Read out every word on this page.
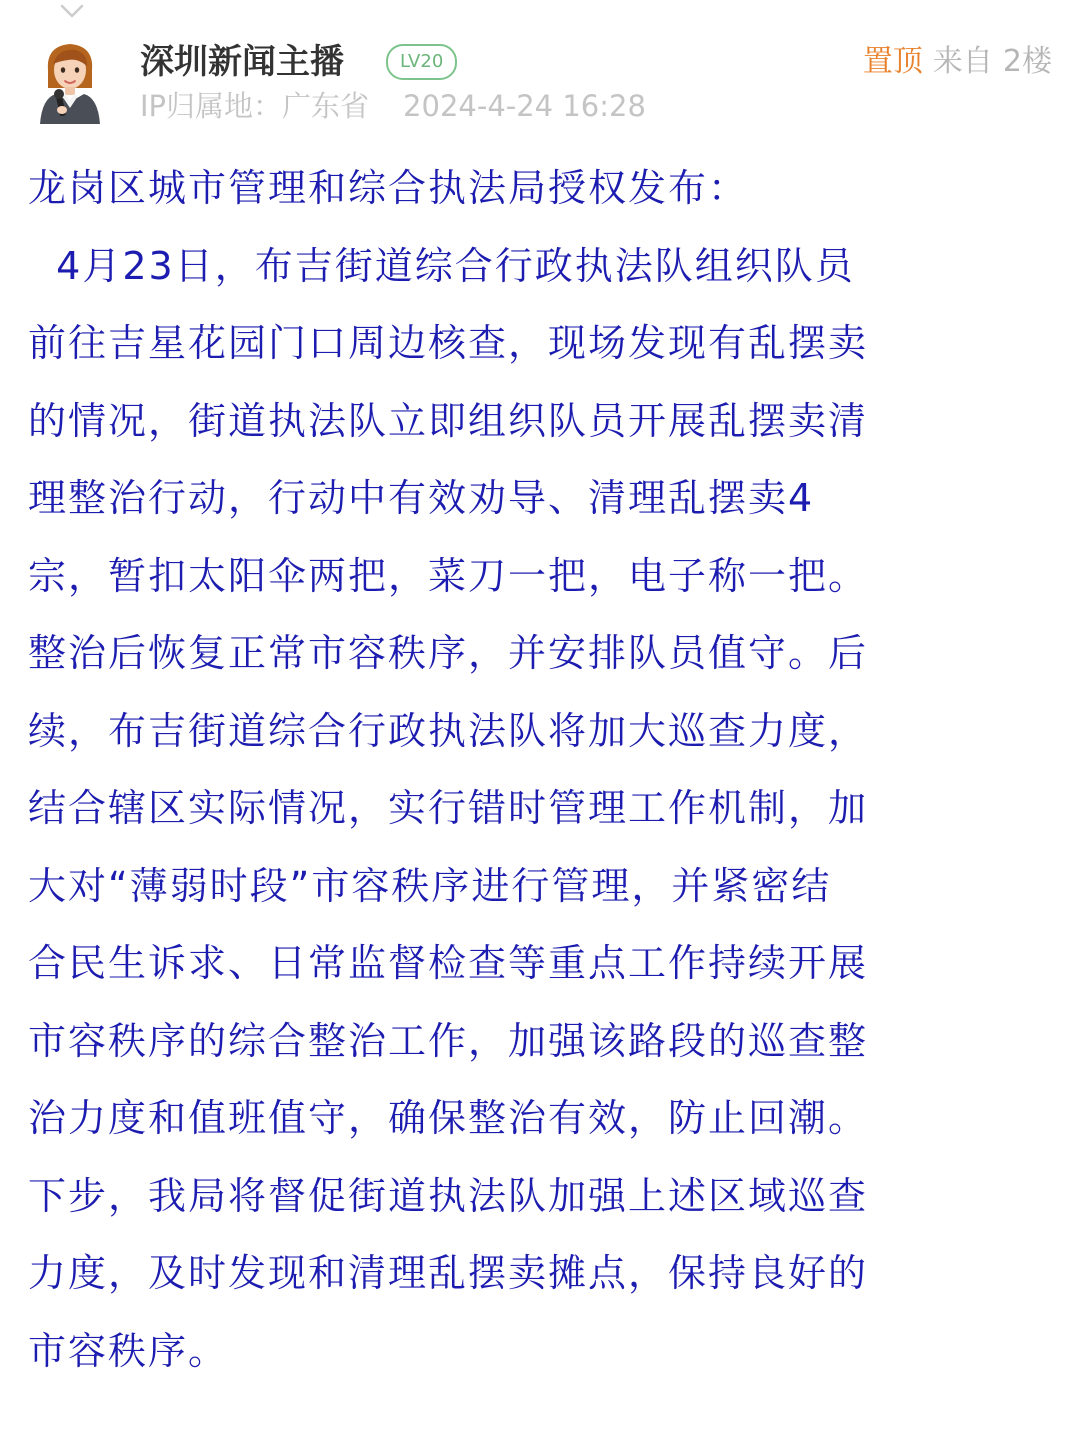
深圳新闻主播	LV20
IP归属地：广东省 2024-4-24 16:28
置顶 来自 2楼
龙岗区城市管理和综合执法局授权发布：
4月23日，布吉街道综合行政执法队组织队员
前往吉星花园门口周边核查，现场发现有乱摆卖
的情况，街道执法队立即组织队员开展乱摆卖清
理整治行动，行动中有效劝导、清理乱摆卖4
宗，暂扣太阳伞两把，菜刀一把，电子称一把。
整治后恢复正常市容秩序，并安排队员值守。后
续，布吉街道综合行政执法队将加大巡查力度，
结合辖区实际情况，实行错时管理工作机制，加
大对“薄弱时段”市容秩序进行管理，并紧密结
合民生诉求、日常监督检查等重点工作持续开展
市容秩序的综合整治工作，加强该路段的巡查整
治力度和值班值守，确保整治有效，防止回潮。
下步，我局将督促街道执法队加强上述区域巡查
力度，及时发现和清理乱摆卖摊点，保持良好的
市容秩序。
